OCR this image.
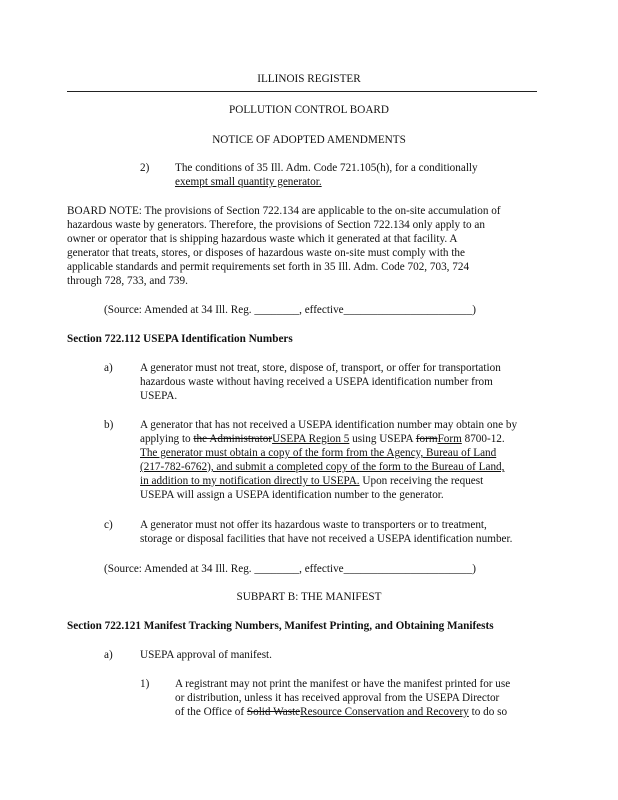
ILLINOIS REGISTER
POLLUTION CONTROL BOARD
NOTICE OF ADOPTED AMENDMENTS
2) The conditions of 35 Ill. Adm. Code 721.105(h), for a conditionally
exempt small quantity generator.
BOARD NOTE: The provisions of Section 722.134 are applicable to the on-site accumulation of
hazardous waste by generators. Therefore, the provisions of Section 722.134 only apply to an
owner or operator that is shipping hazardous waste which it generated at that facility. A
generator that treats, stores, or disposes of hazardous waste on-site must comply with the
applicable standards and permit requirements set forth in 35 Ill. Adm. Code 702, 703, 724
through 728, 733, and 739.
(Source: Amended at 34 Ill. Reg. ________, effective_______________________)
Section 722.112 USEPA Identification Numbers
a) A generator must not treat, store, dispose of, transport, or offer for transportation
hazardous waste without having received a USEPA identification number from
USEPA.
b) A generator that has not received a USEPA identification number may obtain one by
applying to the AdministratorUSEPA Region 5 using USEPA formForm 8700-12.
The generator must obtain a copy of the form from the Agency, Bureau of Land
(217-782-6762), and submit a completed copy of the form to the Bureau of Land,
in addition to my notification directly to USEPA. Upon receiving the request
USEPA will assign a USEPA identification number to the generator.
c) A generator must not offer its hazardous waste to transporters or to treatment,
storage or disposal facilities that have not received a USEPA identification number.
(Source: Amended at 34 Ill. Reg. ________, effective_______________________)
SUBPART B: THE MANIFEST
Section 722.121 Manifest Tracking Numbers, Manifest Printing, and Obtaining Manifests
a) USEPA approval of manifest.
1) A registrant may not print the manifest or have the manifest printed for use
or distribution, unless it has received approval from the USEPA Director
of the Office of Solid WasteResource Conservation and Recovery to do so
